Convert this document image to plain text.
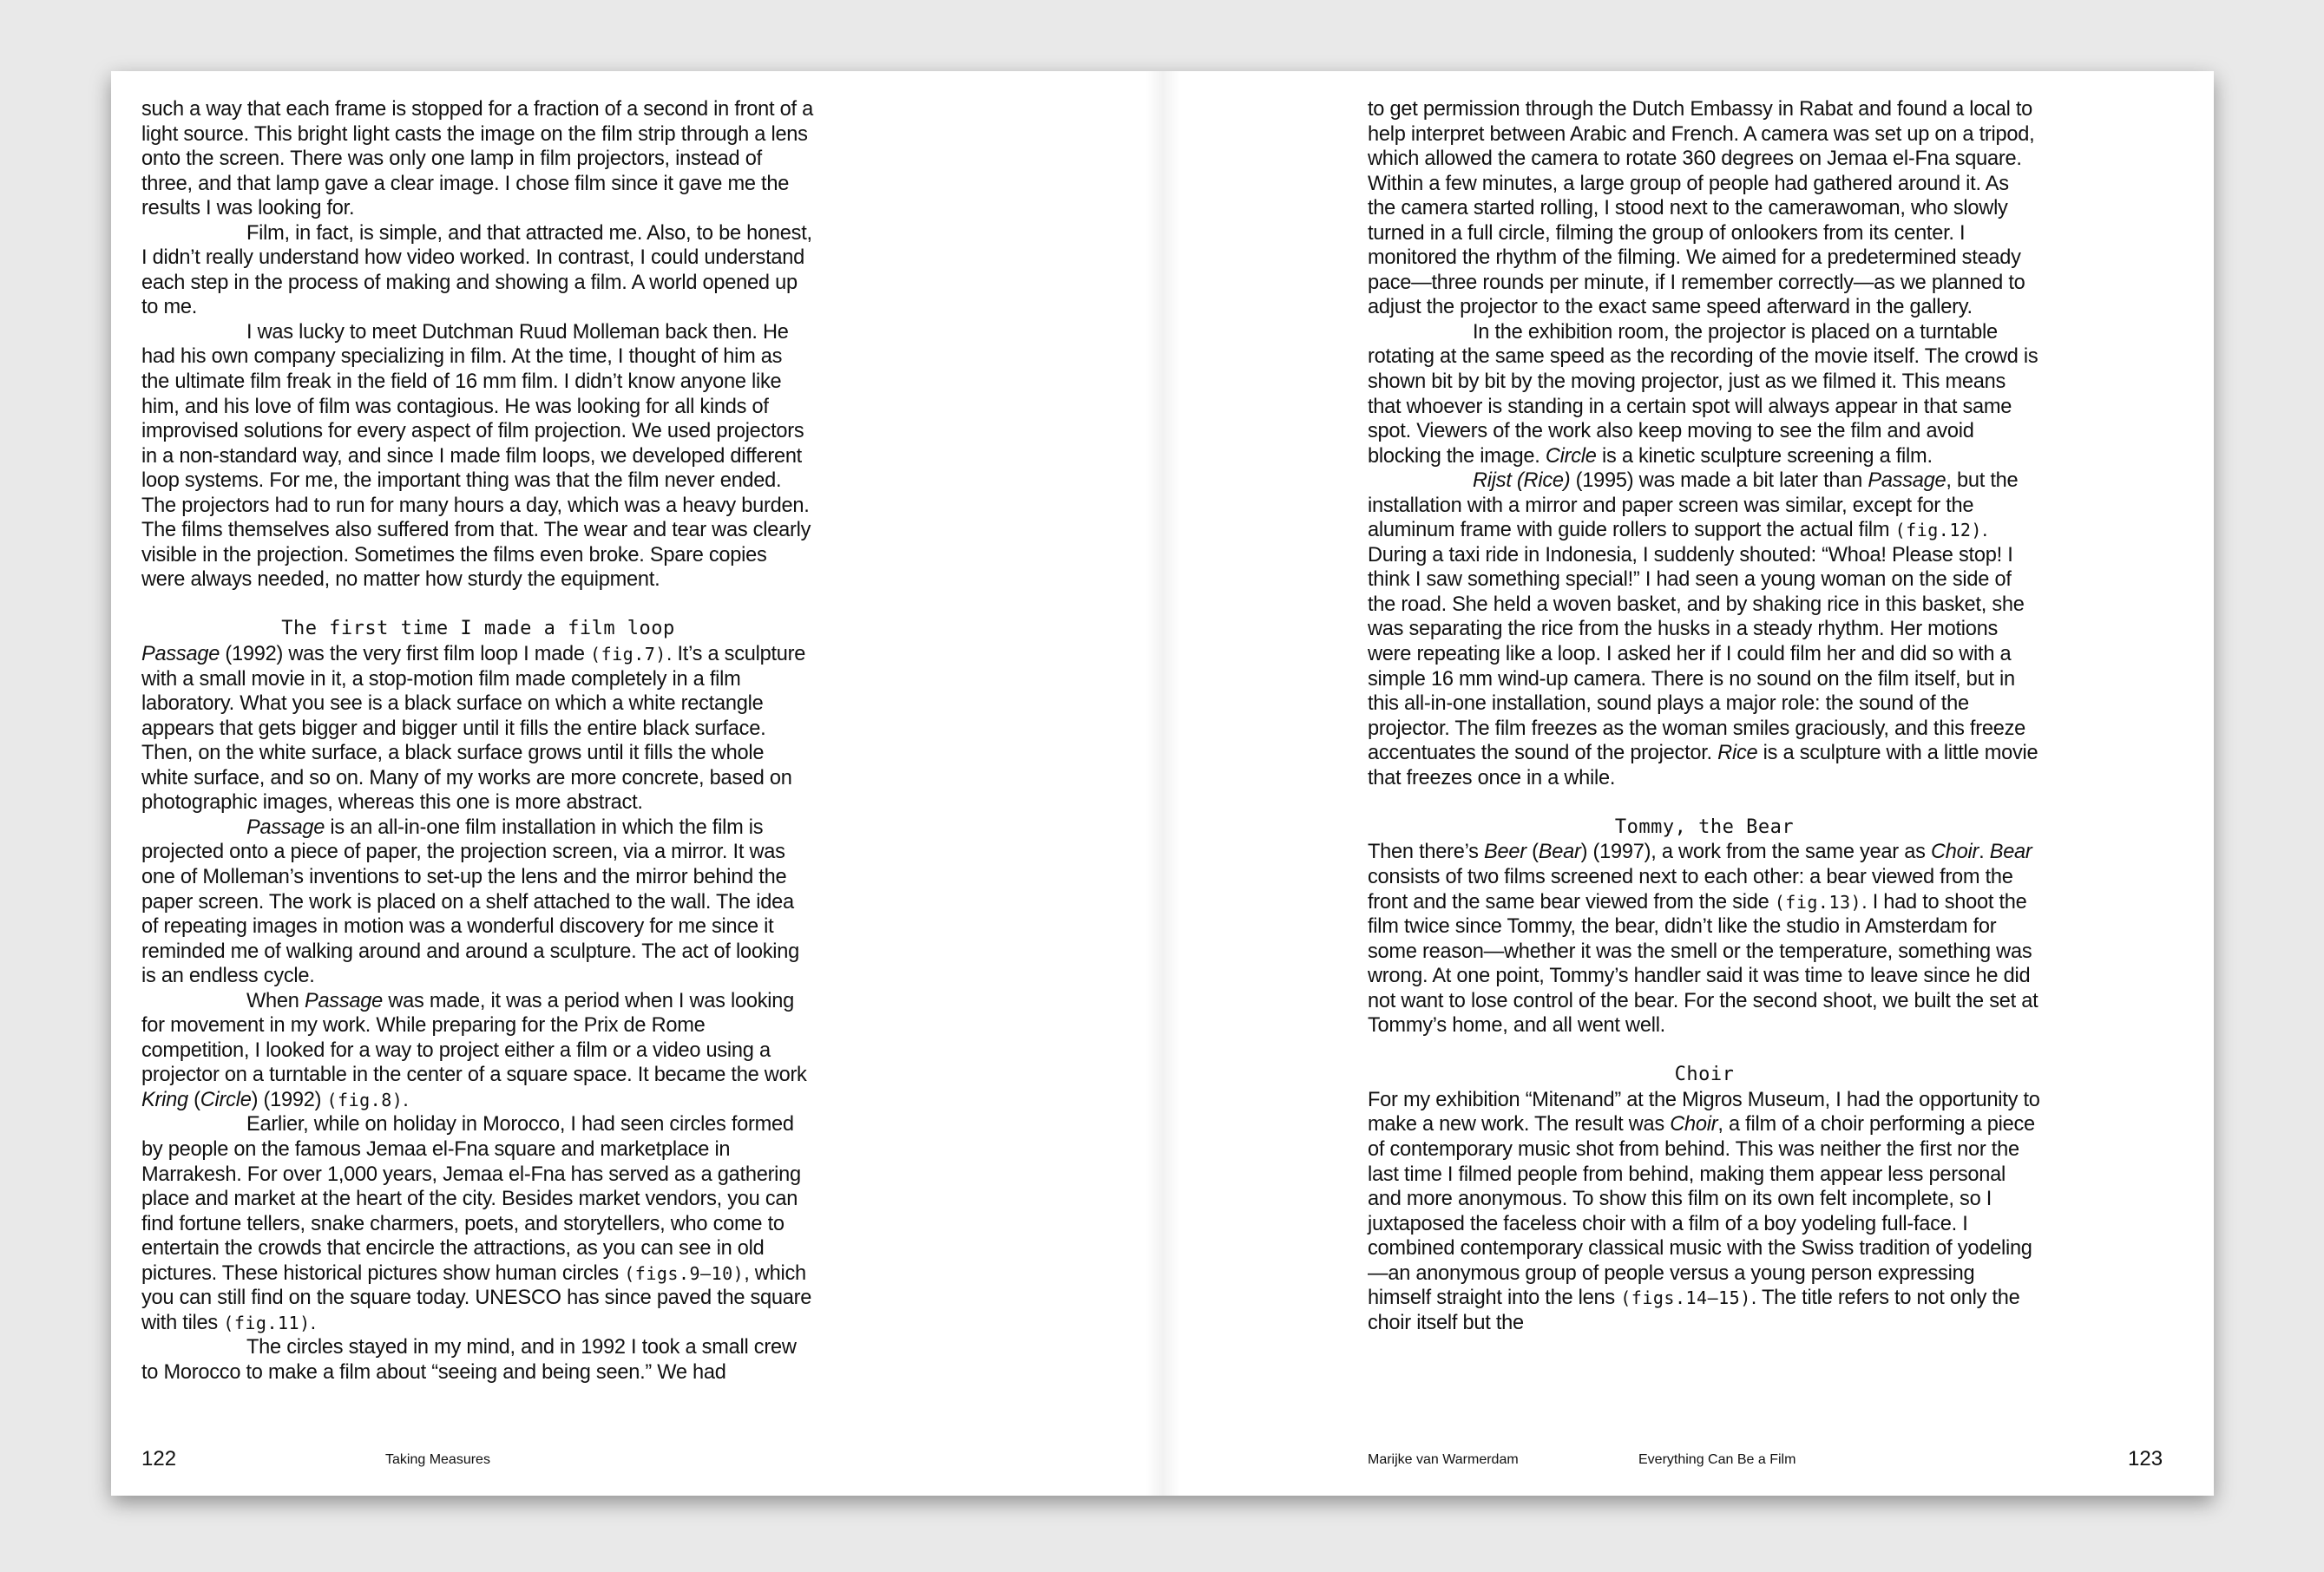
such a way that each frame is stopped for a fraction of a second in front of a light source. This bright light casts the image on the film strip through a lens onto the screen. There was only one lamp in film projectors, instead of three, and that lamp gave a clear image. I chose film since it gave me the results I was looking for.

Film, in fact, is simple, and that attracted me. Also, to be honest, I didn’t really understand how video worked. In contrast, I could understand each step in the process of making and showing a film. A world opened up to me.

I was lucky to meet Dutchman Ruud Molleman back then. He had his own company specializing in film. At the time, I thought of him as the ultimate film freak in the field of 16 mm film. I didn’t know anyone like him, and his love of film was contagious. He was looking for all kinds of improvised solutions for every aspect of film projection. We used projectors in a non-standard way, and since I made film loops, we developed different loop systems. For me, the important thing was that the film never ended. The projectors had to run for many hours a day, which was a heavy burden. The films themselves also suffered from that. The wear and tear was clearly visible in the projection. Sometimes the films even broke. Spare copies were always needed, no matter how sturdy the equipment.

The first time I made a film loop

Passage (1992) was the very first film loop I made (fig.7). It’s a sculpture with a small movie in it, a stop-motion film made completely in a film laboratory. What you see is a black surface on which a white rectangle appears that gets bigger and bigger until it fills the entire black surface. Then, on the white surface, a black surface grows until it fills the whole white surface, and so on. Many of my works are more concrete, based on photographic images, whereas this one is more abstract.

Passage is an all-in-one film installation in which the film is projected onto a piece of paper, the projection screen, via a mirror. It was one of Molleman’s inventions to set-up the lens and the mirror behind the paper screen. The work is placed on a shelf attached to the wall. The idea of repeating images in motion was a wonderful discovery for me since it reminded me of walking around and around a sculpture. The act of looking is an endless cycle.

When Passage was made, it was a period when I was looking for movement in my work. While preparing for the Prix de Rome competition, I looked for a way to project either a film or a video using a projector on a turntable in the center of a square space. It became the work Kring (Circle) (1992) (fig.8).

Earlier, while on holiday in Morocco, I had seen circles formed by people on the famous Jemaa el-Fna square and marketplace in Marrakesh. For over 1,000 years, Jemaa el-Fna has served as a gathering place and market at the heart of the city. Besides market vendors, you can find fortune tellers, snake charmers, poets, and storytellers, who come to entertain the crowds that encircle the attractions, as you can see in old pictures. These historical pictures show human circles (figs.9–10), which you can still find on the square today. UNESCO has since paved the square with tiles (fig.11).

The circles stayed in my mind, and in 1992 I took a small crew to Morocco to make a film about “seeing and being seen.” We had

122	Taking Measures

to get permission through the Dutch Embassy in Rabat and found a local to help interpret between Arabic and French. A camera was set up on a tripod, which allowed the camera to rotate 360 degrees on Jemaa el-Fna square. Within a few minutes, a large group of people had gathered around it. As the camera started rolling, I stood next to the camerawoman, who slowly turned in a full circle, filming the group of onlookers from its center. I monitored the rhythm of the filming. We aimed for a predetermined steady pace—three rounds per minute, if I remember correctly—as we planned to adjust the projector to the exact same speed afterward in the gallery.

In the exhibition room, the projector is placed on a turntable rotating at the same speed as the recording of the movie itself. The crowd is shown bit by bit by the moving projector, just as we filmed it. This means that whoever is standing in a certain spot will always appear in that same spot. Viewers of the work also keep moving to see the film and avoid blocking the image. Circle is a kinetic sculpture screening a film.

Rijst (Rice) (1995) was made a bit later than Passage, but the installation with a mirror and paper screen was similar, except for the aluminum frame with guide rollers to support the actual film (fig.12). During a taxi ride in Indonesia, I suddenly shouted: “Whoa! Please stop! I think I saw something special!” I had seen a young woman on the side of the road. She held a woven basket, and by shaking rice in this basket, she was separating the rice from the husks in a steady rhythm. Her motions were repeating like a loop. I asked her if I could film her and did so with a simple 16 mm wind-up camera. There is no sound on the film itself, but in this all-in-one installation, sound plays a major role: the sound of the projector. The film freezes as the woman smiles graciously, and this freeze accentuates the sound of the projector. Rice is a sculpture with a little movie that freezes once in a while.

Tommy, the Bear

Then there’s Beer (Bear) (1997), a work from the same year as Choir. Bear consists of two films screened next to each other: a bear viewed from the front and the same bear viewed from the side (fig.13). I had to shoot the film twice since Tommy, the bear, didn’t like the studio in Amsterdam for some reason—whether it was the smell or the temperature, something was wrong. At one point, Tommy’s handler said it was time to leave since he did not want to lose control of the bear. For the second shoot, we built the set at Tommy’s home, and all went well.

Choir

For my exhibition “Mitenand” at the Migros Museum, I had the opportunity to make a new work. The result was Choir, a film of a choir performing a piece of contemporary music shot from behind. This was neither the first nor the last time I filmed people from behind, making them appear less personal and more anonymous. To show this film on its own felt incomplete, so I juxtaposed the faceless choir with a film of a boy yodeling full-face. I combined contemporary classical music with the Swiss tradition of yodeling—an anonymous group of people versus a young person expressing himself straight into the lens (figs.14–15). The title refers to not only the choir itself but the

Marijke van Warmerdam	Everything Can Be a Film	123
